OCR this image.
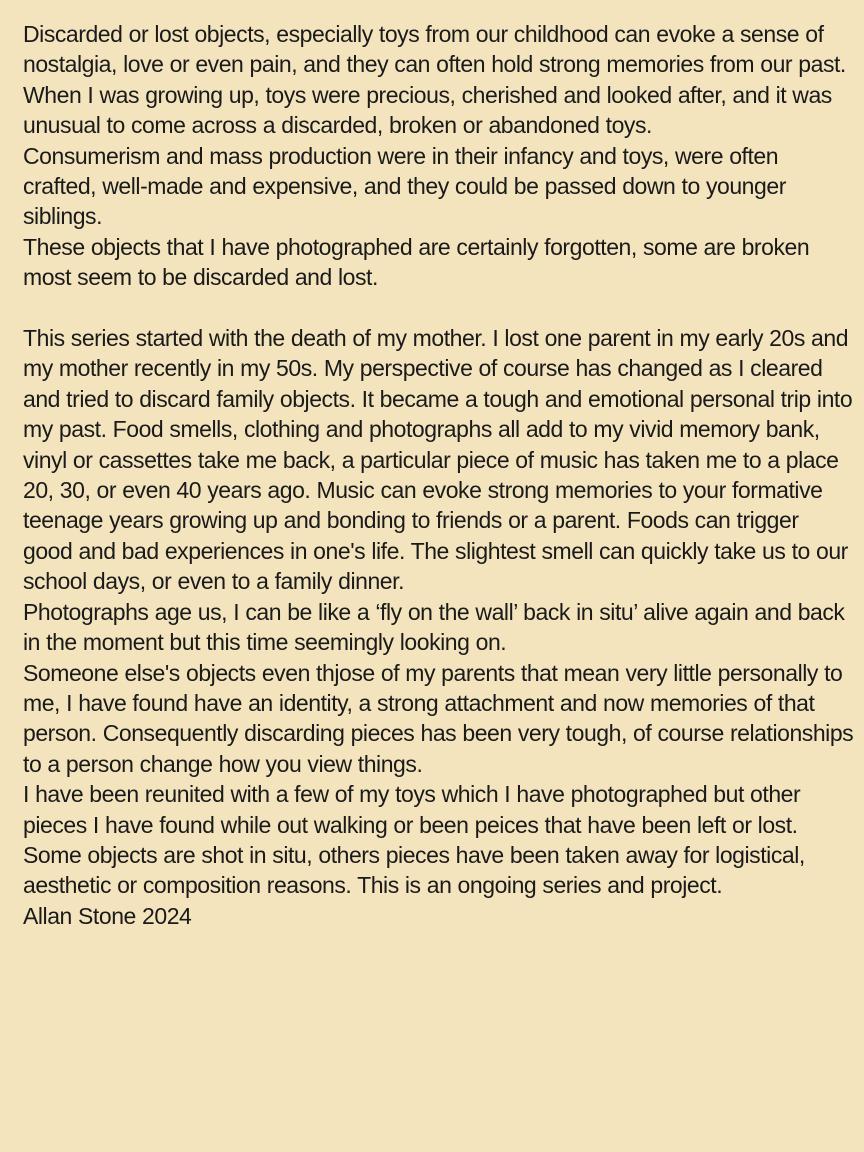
Discarded or lost objects, especially toys from our childhood can evoke a sense of nostalgia, love or even pain, and they can often hold strong memories from our past.

When I was growing up, toys were precious, cherished and looked after, and it was unusual to come across a discarded, broken or abandoned toys.

Consumerism and mass production were in their infancy and toys, were often crafted, well-made and expensive, and they could be passed down to younger siblings.

These objects that I have photographed are certainly forgotten, some are broken most seem to be discarded and lost.

This series started with the death of my mother. I lost one parent in my early 20s and my mother recently in my 50s. My perspective of course has changed as I cleared and tried to discard family objects. It became a tough and emotional personal trip into my past. Food smells, clothing and photographs all add to my vivid memory bank, vinyl or cassettes take me back, a particular piece of music has taken me to a place 20, 30, or even 40 years ago. Music can evoke strong memories to your formative teenage years growing up and bonding to friends or a parent. Foods can trigger good and bad experiences in one's life. The slightest smell can quickly take us to our school days, or even to a family dinner.

Photographs age us, I can be like a ‘fly on the wall’ back in situ’ alive again and back in the moment but this time seemingly looking on.

Someone else's objects even thjose of my parents that mean very little personally to me, I have found have an identity, a strong attachment and now memories of that person. Consequently discarding pieces has been very tough, of course relationships to a person change how you view things.

I have been reunited with a few of my toys which I have photographed but other pieces I have found while out walking or been peices that have been left or lost. Some objects are shot in situ, others pieces have been taken away for logistical, aesthetic or composition reasons. This is an ongoing series and project.

Allan Stone 2024
